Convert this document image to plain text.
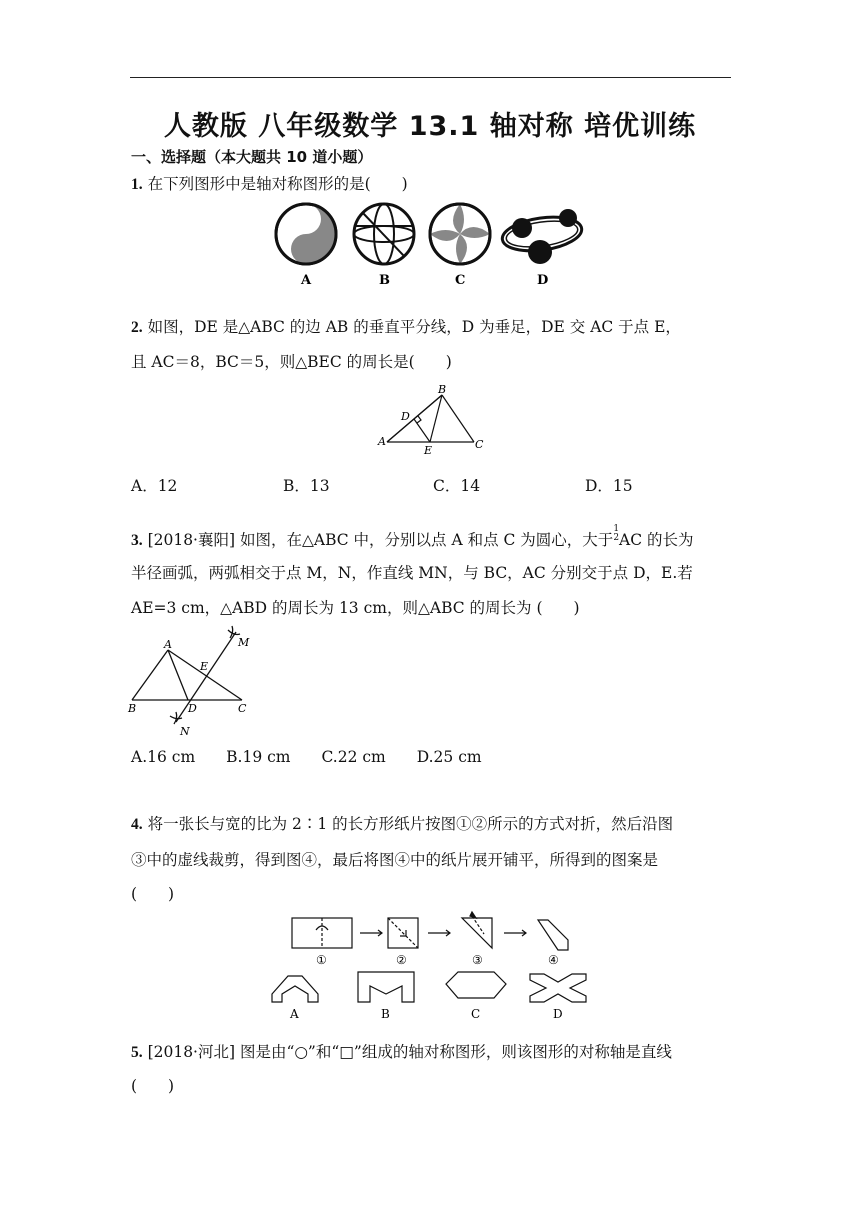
人教版 八年级数学 13.1 轴对称 培优训练
一、选择题（本大题共 10 道小题）
1. 在下列图形中是轴对称图形的是(　　)
A	B	C	D
2. 如图，DE 是△ABC 的边 AB 的垂直平分线，D 为垂足，DE 交 AC 于点 E，
且 AC＝8，BC＝5，则△BEC 的周长是(　　)
B
D
A
E	C
A．12	B．13	C．14	D．15
3. [2018·襄阳] 如图，在△ABC 中，分别以点 A 和点 C 为圆心，大于
1
2 AC 的长为
半径画弧，两弧相交于点 M，N，作直线 MN，与 BC，AC 分别交于点 D，E.若
AE=3 cm，△ABD 的周长为 13 cm，则△ABC 的周长为 (　　)
A	M
E
B	D	C
N
A.16 cm　　B.19 cm　　C.22 cm　　D.25 cm
4. 将一张长与宽的比为 2∶1 的长方形纸片按图①②所示的方式对折，然后沿图
③中的虚线裁剪，得到图④，最后将图④中的纸片展开铺平，所得到的图案是
(　　)
①	②	③	④
A	B	C	D
5. [2018·河北] 图是由“○”和“□”组成的轴对称图形，则该图形的对称轴是直线
(　　)
